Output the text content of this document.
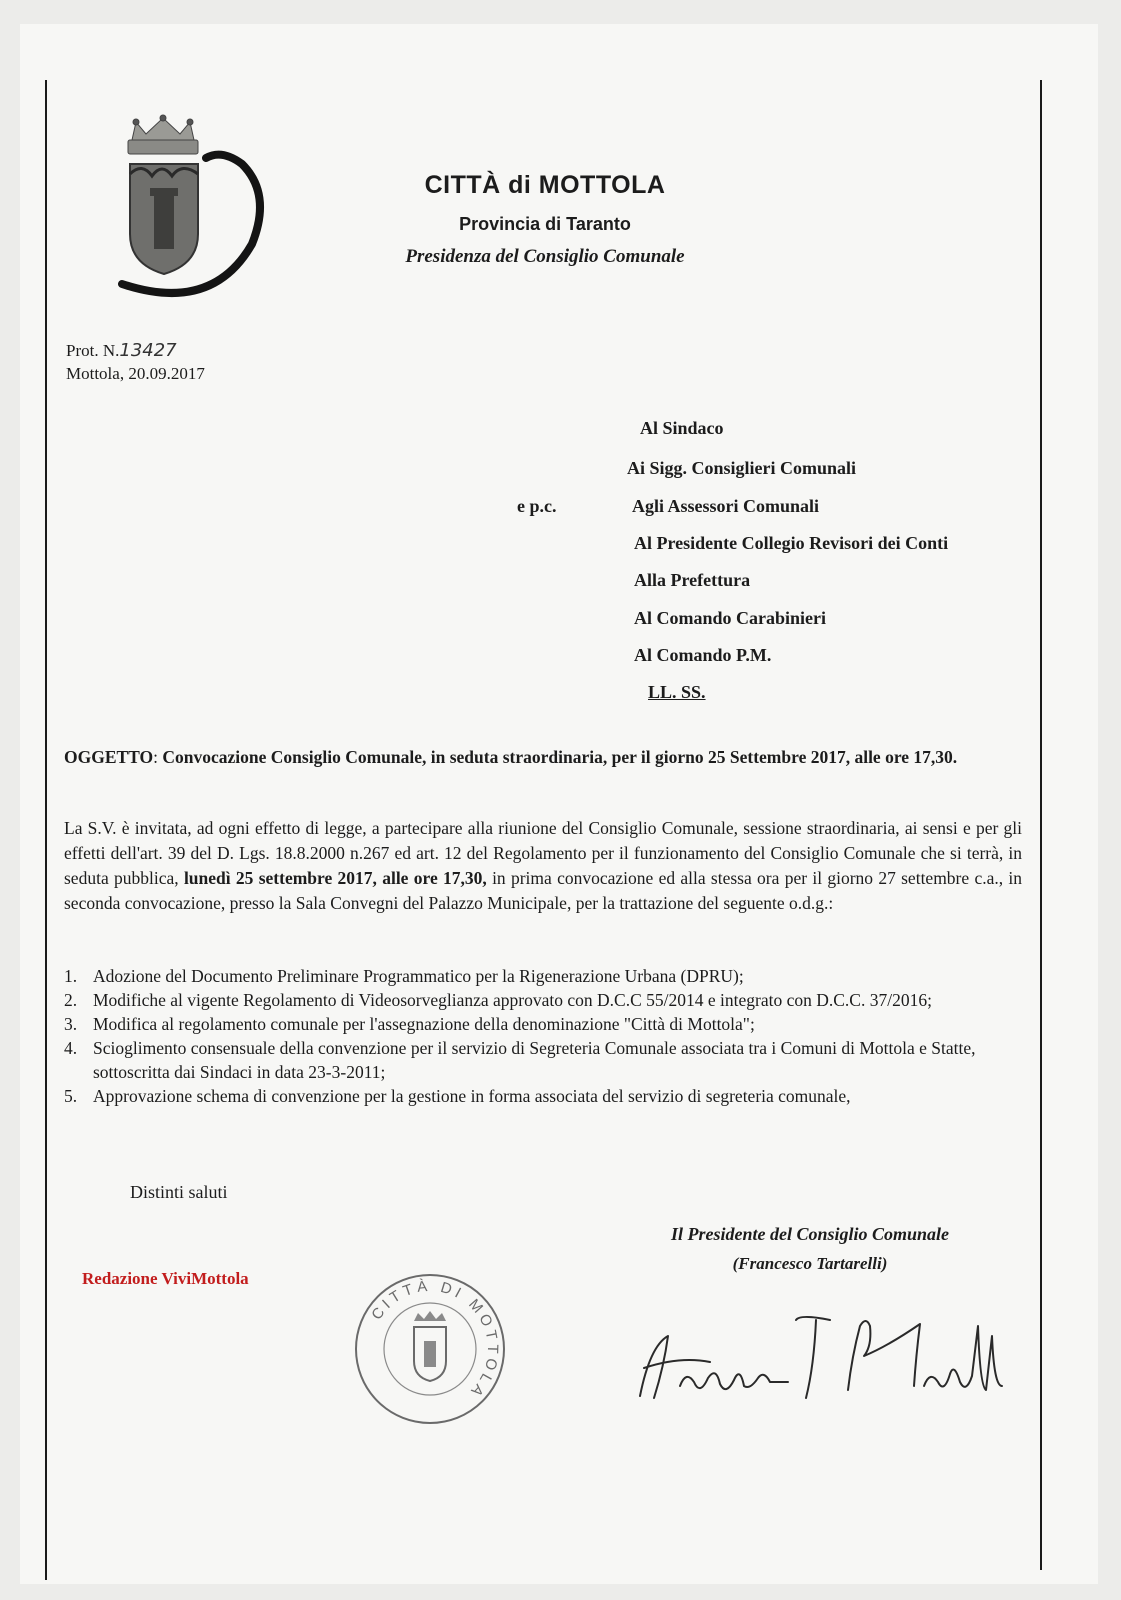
CITTÀ di MOTTOLA
Provincia di Taranto
Presidenza del Consiglio Comunale
Prot. N.13427
Mottola, 20.09.2017
Al Sindaco
Ai Sigg. Consiglieri Comunali
e p.c.	Agli Assessori Comunali
Al Presidente Collegio Revisori dei Conti
Alla Prefettura
Al Comando Carabinieri
Al Comando P.M.
LL. SS.
OGGETTO: Convocazione Consiglio Comunale, in seduta straordinaria, per il giorno 25 Settembre 2017, alle ore 17,30.
La S.V. è invitata, ad ogni effetto di legge, a partecipare alla riunione del Consiglio Comunale, sessione straordinaria, ai sensi e per gli effetti dell'art. 39 del D. Lgs. 18.8.2000 n.267 ed art. 12 del Regolamento per il funzionamento del Consiglio Comunale che si terrà, in seduta pubblica, lunedì 25 settembre 2017, alle ore 17,30, in prima convocazione ed alla stessa ora per il giorno 27 settembre c.a., in seconda convocazione, presso la Sala Convegni del Palazzo Municipale, per la trattazione del seguente o.d.g.:
1. Adozione del Documento Preliminare Programmatico per la Rigenerazione Urbana (DPRU);
2. Modifiche al vigente Regolamento di Videosorveglianza approvato con D.C.C 55/2014 e integrato con D.C.C. 37/2016;
3. Modifica al regolamento comunale per l'assegnazione della denominazione "Città di Mottola";
4. Scioglimento consensuale della convenzione per il servizio di Segreteria Comunale associata tra i Comuni di Mottola e Statte, sottoscritta dai Sindaci in data 23-3-2011;
5. Approvazione schema di convenzione per la gestione in forma associata del servizio di segreteria comunale,
Distinti saluti
Redazione ViviMottola
CITTÀ DI MOTTOLA
Il Presidente del Consiglio Comunale
(Francesco Tartarelli)
